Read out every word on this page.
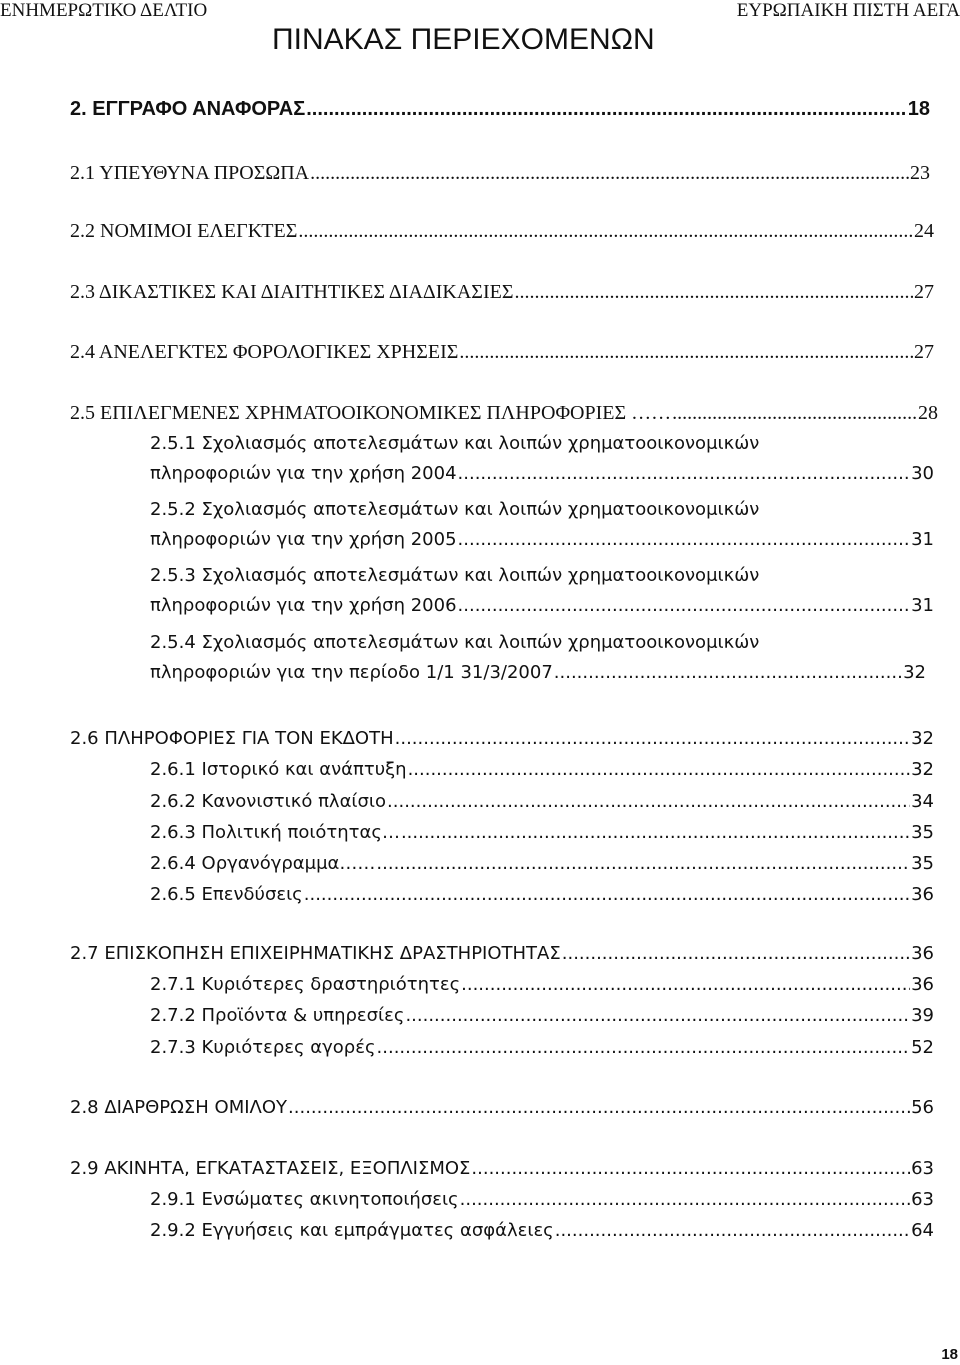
ΕΝΗΜΕΡΩΤΙΚΟ ΔΕΛΤΙΟ	ΕΥΡΩΠΑΙΚΗ ΠΙΣΤΗ ΑΕΓΑ
ΠΙΝΑΚΑΣ ΠΕΡΙΕΧΟΜΕΝΩΝ
2. ΕΓΓΡΑΦΟ ΑΝΑΦΟΡΑΣ .....	18
2.1 ΥΠΕΥΘΥΝΑ ΠΡΟΣΩΠΑ .....	23
2.2 ΝΟΜΙΜΟΙ ΕΛΕΓΚΤΕΣ .....	24
2.3 ΔΙΚΑΣΤΙΚΕΣ ΚΑΙ ΔΙΑΙΤΗΤΙΚΕΣ ΔΙΑΔΙΚΑΣΙΕΣ .....	27
2.4 ΑΝΕΛΕΓΚΤΕΣ ΦΟΡΟΛΟΓΙΚΕΣ ΧΡΗΣΕΙΣ .....	27
2.5 ΕΠΙΛΕΓΜΕΝΕΣ ΧΡΗΜΑΤΟΟΙΚΟΝΟΜΙΚΕΣ ΠΛΗΡΟΦΟΡΙΕΣ …… .....	28
2.5.1 Σχολιασμός αποτελεσμάτων και λοιπών χρηματοοικονομικών
πληροφοριών για την χρήση 2004 .....	30
2.5.2 Σχολιασμός αποτελεσμάτων και λοιπών χρηματοοικονομικών
πληροφοριών για την χρήση 2005 .....	31
2.5.3 Σχολιασμός αποτελεσμάτων και λοιπών χρηματοοικονομικών
πληροφοριών για την χρήση 2006 .....	31
2.5.4 Σχολιασμός αποτελεσμάτων και λοιπών χρηματοοικονομικών
πληροφοριών για την περίοδο 1/1 31/3/2007 .....	32
2.6 ΠΛΗΡΟΦΟΡΙΕΣ ΓΙΑ ΤΟΝ ΕΚΔΟΤΗ .....	32
2.6.1 Ιστορικό και ανάπτυξη .....	32
2.6.2 Κανονιστικό πλαίσιο .....	34
2.6.3 Πολιτική ποιότητας… .....	35
2.6.4 Οργανόγραμμα…… .....	35
2.6.5 Επενδύσεις .....	36
2.7 ΕΠΙΣΚΟΠΗΣΗ ΕΠΙΧΕΙΡΗΜΑΤΙΚΗΣ ΔΡΑΣΤΗΡΙΟΤΗΤΑΣ .....	36
2.7.1 Κυριότερες δραστηριότητες .....	36
2.7.2 Προϊόντα & υπηρεσίες .....	39
2.7.3 Κυριότερες αγορές .....	52
2.8 ΔΙΑΡΘΡΩΣΗ ΟΜΙΛΟΥ .....	56
2.9 ΑΚΙΝΗΤΑ, ΕΓΚΑΤΑΣΤΑΣΕΙΣ, ΕΞΟΠΛΙΣΜΟΣ .....	63
2.9.1 Ενσώματες ακινητοποιήσεις .....	63
2.9.2 Εγγυήσεις και εμπράγματες ασφάλειες .....	64
18
